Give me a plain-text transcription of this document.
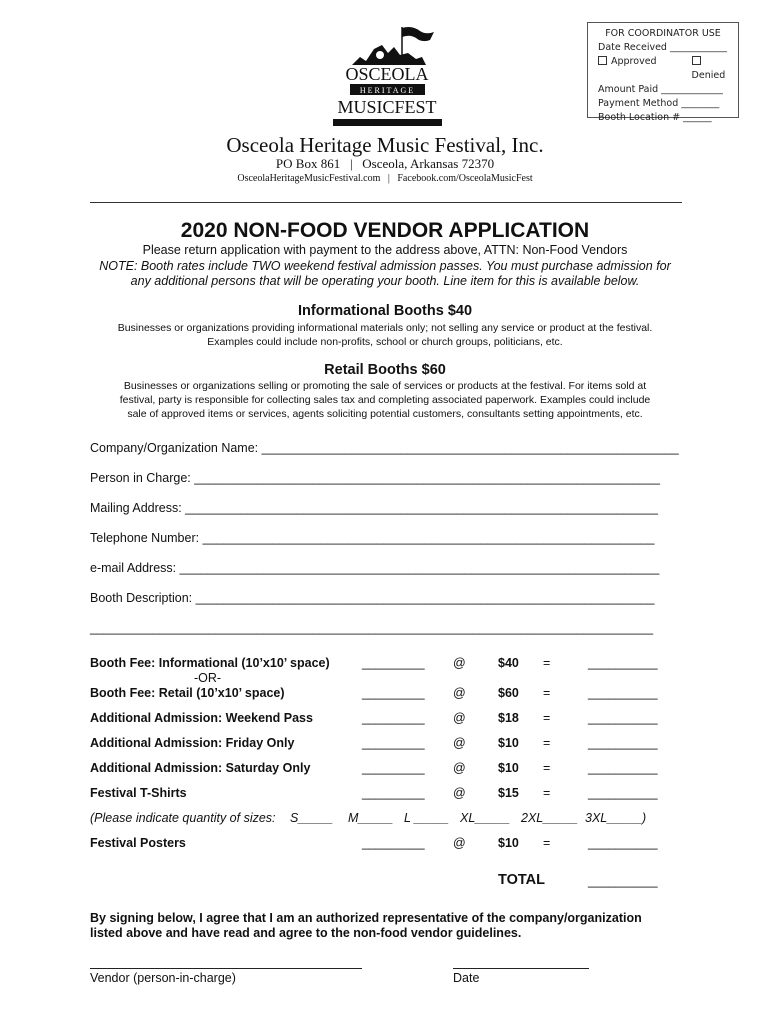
FOR COORDINATOR USE
Date Received ____________
Approved
Denied
Amount Paid _____________
Payment Method ________
Booth Location # ______
OSCEOLA
HERITAGE
MUSICFEST
Osceola Heritage Music Festival, Inc.
PO Box 861   |   Osceola, Arkansas 72370
OsceolaHeritageMusicFestival.com   |   Facebook.com/OsceolaMusicFest
2020 NON-FOOD VENDOR APPLICATION
Please return application with payment to the address above, ATTN: Non-Food Vendors
NOTE: Booth rates include TWO weekend festival admission passes. You must purchase admission for
any additional persons that will be operating your booth. Line item for this is available below.
Informational Booths $40
Businesses or organizations providing informational materials only; not selling any service or product at the festival.
Examples could include non-profits, school or church groups, politicians, etc.
Retail Booths $60
Businesses or organizations selling or promoting the sale of services or products at the festival. For items sold at
festival, party is responsible for collecting sales tax and completing associated paperwork. Examples could include
sale of approved items or services, agents soliciting potential customers, consultants setting appointments, etc.
Company/Organization Name: ____________________________________________________________
Person in Charge: ___________________________________________________________________
Mailing Address: ____________________________________________________________________
Telephone Number: _________________________________________________________________
e-mail Address: _____________________________________________________________________
Booth Description: __________________________________________________________________
_________________________________________________________________________________
Booth Fee: Informational (10’x10’ space)	_________ @	$40 =	__________
-OR-
Booth Fee: Retail (10’x10’ space)	_________ @	$60 =	__________
Additional Admission: Weekend Pass	_________ @	$18 =	__________
Additional Admission: Friday Only	_________ @	$10 =	__________
Additional Admission: Saturday Only	_________ @	$10 =	__________
Festival T-Shirts	_________ @	$15 =	__________
(Please indicate quantity of sizes: S_____ M_____ L _____ XL_____ 2XL_____ 3XL_____)
Festival Posters	_________ @	$10 =	__________
TOTAL	__________
By signing below, I agree that I am an authorized representative of the company/organization
listed above and have read and agree to the non-food vendor guidelines.
Vendor (person-in-charge)	Date
